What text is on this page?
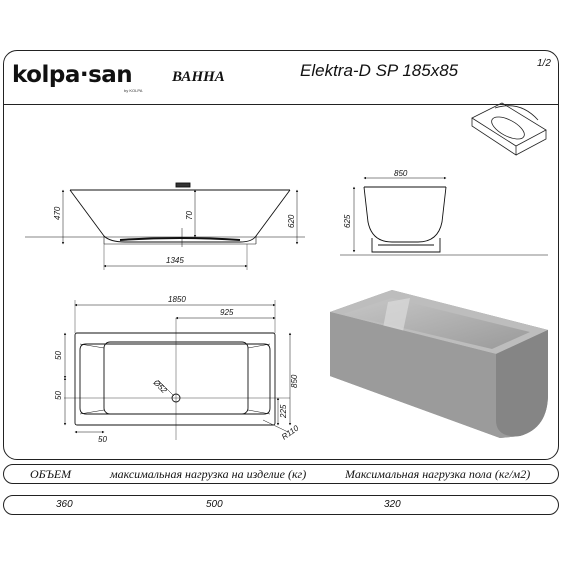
kolpa·san
by KOLPA
ВАННА	Elektra-D SP 185x85	1/2
470	70	620
1345
850
625
1850
925
850
50
50
Ø52
225
R110
50
ОБЪЕМ	максимальная нагрузка на изделие (кг)	Максимальная нагрузка пола (кг/м2)
360	500	320
